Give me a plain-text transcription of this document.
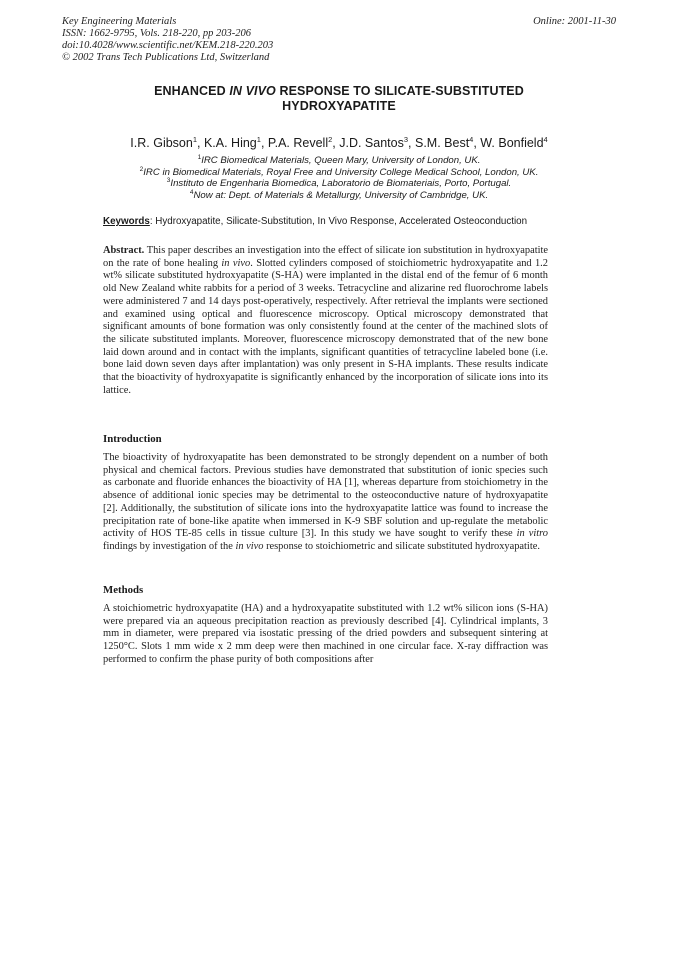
Key Engineering Materials
ISSN: 1662-9795, Vols. 218-220, pp 203-206
doi:10.4028/www.scientific.net/KEM.218-220.203
© 2002 Trans Tech Publications Ltd, Switzerland
Online: 2001-11-30
ENHANCED IN VIVO RESPONSE TO SILICATE-SUBSTITUTED
HYDROXYAPATITE
I.R. Gibson$^1$, K.A. Hing$^1$, P.A. Revell$^2$, J.D. Santos$^3$, S.M. Best$^4$, W. Bonfield$^4$
$^1$IRC Biomedical Materials, Queen Mary, University of London, UK.
$^2$IRC in Biomedical Materials, Royal Free and University College Medical School, London, UK.
$^3$Instituto de Engenharia Biomedica, Laboratorio de Biomateriais, Porto, Portugal.
$^4$Now at: Dept. of Materials & Metallurgy, University of Cambridge, UK.
Keywords: Hydroxyapatite, Silicate-Substitution, In Vivo Response, Accelerated Osteoconduction
Abstract. This paper describes an investigation into the effect of silicate ion substitution in hydroxyapatite on the rate of bone healing in vivo. Slotted cylinders composed of stoichiometric hydroxyapatite and 1.2 wt% silicate substituted hydroxyapatite (S-HA) were implanted in the distal end of the femur of 6 month old New Zealand white rabbits for a period of 3 weeks. Tetracycline and alizarine red fluorochrome labels were administered 7 and 14 days post-operatively, respectively. After retrieval the implants were sectioned and examined using optical and fluorescence microscopy. Optical microscopy demonstrated that significant amounts of bone formation was only consistently found at the center of the machined slots of the silicate substituted implants. Moreover, fluorescence microscopy demonstrated that of the new bone laid down around and in contact with the implants, significant quantities of tetracycline labeled bone (i.e. bone laid down seven days after implantation) was only present in S-HA implants. These results indicate that the bioactivity of hydroxyapatite is significantly enhanced by the incorporation of silicate ions into its lattice.
Introduction
The bioactivity of hydroxyapatite has been demonstrated to be strongly dependent on a number of both physical and chemical factors. Previous studies have demonstrated that substitution of ionic species such as carbonate and fluoride enhances the bioactivity of HA [1], whereas departure from stoichiometry in the absence of additional ionic species may be detrimental to the osteoconductive nature of hydroxyapatite [2]. Additionally, the substitution of silicate ions into the hydroxyapatite lattice was found to increase the precipitation rate of bone-like apatite when immersed in K-9 SBF solution and up-regulate the metabolic activity of HOS TE-85 cells in tissue culture [3]. In this study we have sought to verify these in vitro findings by investigation of the in vivo response to stoichiometric and silicate substituted hydroxyapatite.
Methods
A stoichiometric hydroxyapatite (HA) and a hydroxyapatite substituted with 1.2 wt% silicon ions (S-HA) were prepared via an aqueous precipitation reaction as previously described [4]. Cylindrical implants, 3 mm in diameter, were prepared via isostatic pressing of the dried powders and subsequent sintering at 1250°C. Slots 1 mm wide x 2 mm deep were then machined in one circular face. X-ray diffraction was performed to confirm the phase purity of both compositions after
